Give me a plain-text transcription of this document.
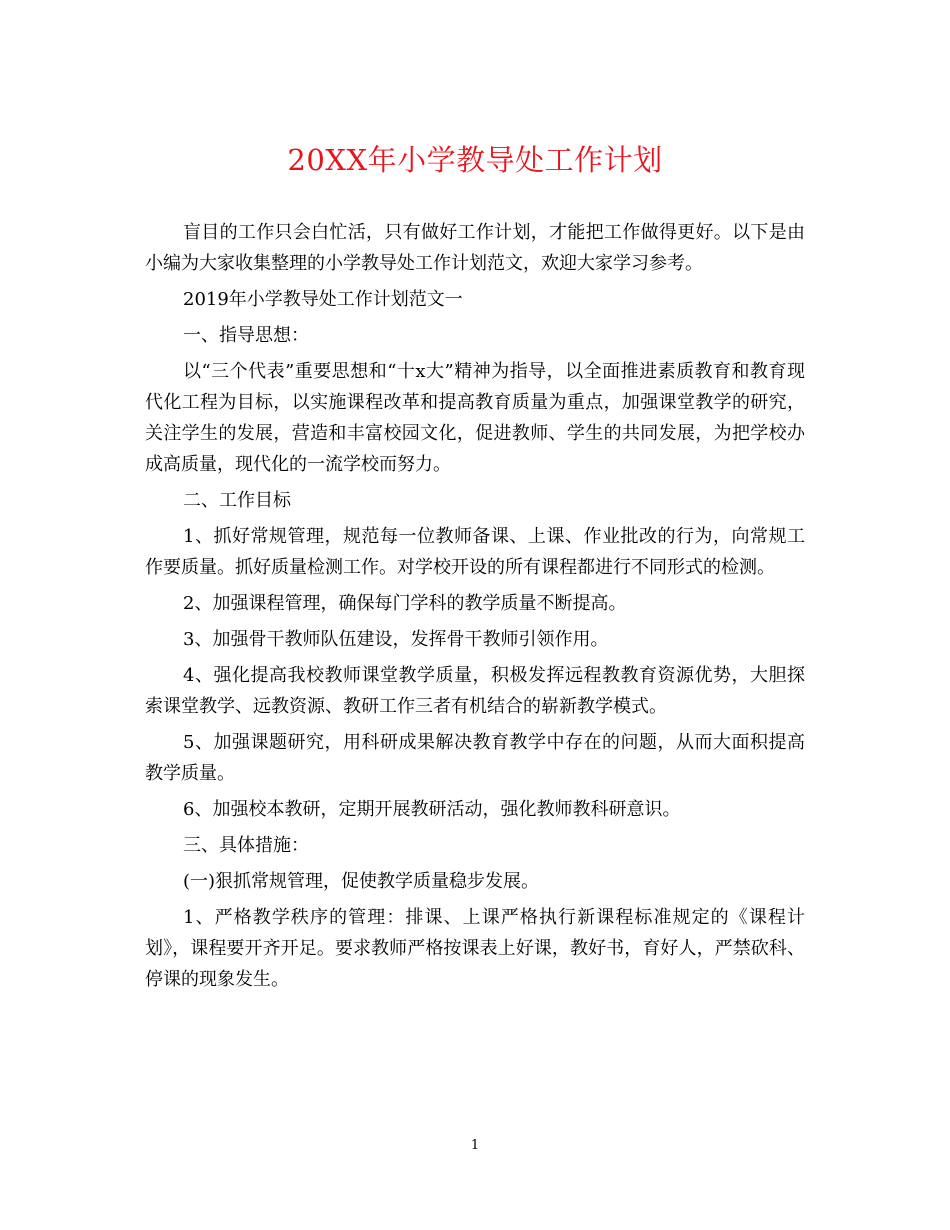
20XX年小学教导处工作计划

盲目的工作只会白忙活，只有做好工作计划，才能把工作做得更好。以下是由小编为大家收集整理的小学教导处工作计划范文，欢迎大家学习参考。

2019年小学教导处工作计划范文一

一、指导思想：

以“三个代表”重要思想和“十x大”精神为指导，以全面推进素质教育和教育现代化工程为目标，以实施课程改革和提高教育质量为重点，加强课堂教学的研究，关注学生的发展，营造和丰富校园文化，促进教师、学生的共同发展，为把学校办成高质量，现代化的一流学校而努力。

二、工作目标

1、抓好常规管理，规范每一位教师备课、上课、作业批改的行为，向常规工作要质量。抓好质量检测工作。对学校开设的所有课程都进行不同形式的检测。

2、加强课程管理，确保每门学科的教学质量不断提高。

3、加强骨干教师队伍建设，发挥骨干教师引领作用。

4、强化提高我校教师课堂教学质量，积极发挥远程教教育资源优势，大胆探索课堂教学、远教资源、教研工作三者有机结合的崭新教学模式。

5、加强课题研究，用科研成果解决教育教学中存在的问题，从而大面积提高教学质量。

6、加强校本教研，定期开展教研活动，强化教师教科研意识。

三、具体措施：

(一)狠抓常规管理，促使教学质量稳步发展。

1、严格教学秩序的管理：排课、上课严格执行新课程标准规定的《课程计划》，课程要开齐开足。要求教师严格按课表上好课，教好书，育好人，严禁砍科、停课的现象发生。

1
